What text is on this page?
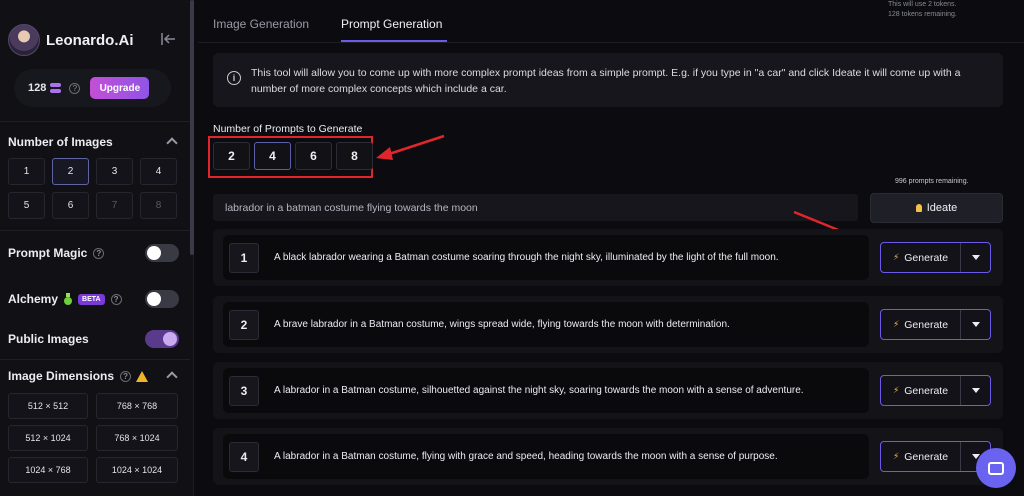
Leonardo.Ai
128	?	Upgrade
Number of Images
1	2	3	4
5	6	7	8
Prompt Magic	?
Alchemy	BETA	?
Public Images
Image Dimensions	?
512 × 512	768 × 768
512 × 1024	768 × 1024
1024 × 768	1024 × 1024
Image Generation	Prompt Generation
This will use 2 tokens.
128 tokens remaining.
i	This tool will allow you to come up with more complex prompt ideas from a simple prompt. E.g. if you type in "a car" and click Ideate it will come up with a number of more complex concepts which include a car.
Number of Prompts to Generate
2	4	6	8
996 prompts remaining.
labrador in a batman costume flying towards the moon	Ideate
1	A black labrador wearing a Batman costume soaring through the night sky, illuminated by the light of the full moon.	⚡ Generate
2	A brave labrador in a Batman costume, wings spread wide, flying towards the moon with determination.	⚡ Generate
3	A labrador in a Batman costume, silhouetted against the night sky, soaring towards the moon with a sense of adventure.	⚡ Generate
4	A labrador in a Batman costume, flying with grace and speed, heading towards the moon with a sense of purpose.	⚡ Generate
